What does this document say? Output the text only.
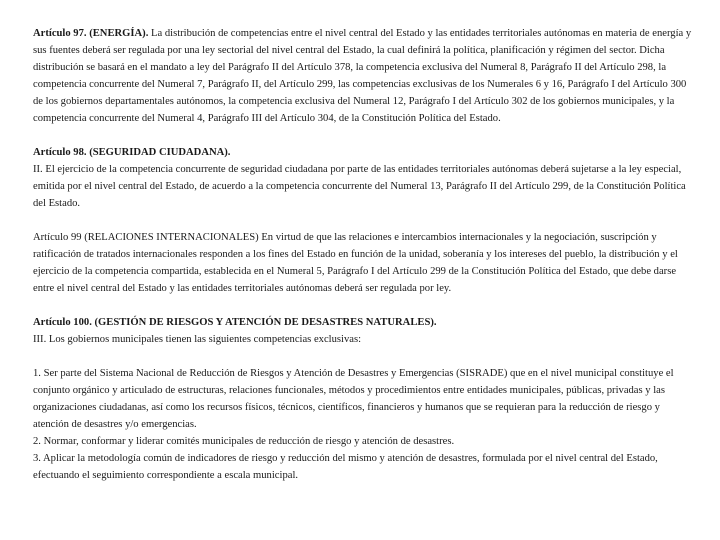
Artículo 97. (ENERGÍA). La distribución de competencias entre el nivel central del Estado y las entidades territoriales autónomas en materia de energía y sus fuentes deberá ser regulada por una ley sectorial del nivel central del Estado, la cual definirá la política, planificación y régimen del sector. Dicha distribución se basará en el mandato a ley del Parágrafo II del Artículo 378, la competencia exclusiva del Numeral 8, Parágrafo II del Artículo 298, la competencia concurrente del Numeral 7, Parágrafo II, del Artículo 299, las competencias exclusivas de los Numerales 6 y 16, Parágrafo I del Artículo 300 de los gobiernos departamentales autónomos, la competencia exclusiva del Numeral 12, Parágrafo I del Artículo 302 de los gobiernos municipales, y la competencia concurrente del Numeral 4, Parágrafo III del Artículo 304, de la Constitución Política del Estado.

Artículo 98. (SEGURIDAD CIUDADANA).

II. El ejercicio de la competencia concurrente de seguridad ciudadana por parte de las entidades territoriales autónomas deberá sujetarse a la ley especial, emitida por el nivel central del Estado, de acuerdo a la competencia concurrente del Numeral 13, Parágrafo II del Artículo 299, de la Constitución Política del Estado.

Artículo 99 (RELACIONES INTERNACIONALES) En virtud de que las relaciones e intercambios internacionales y la negociación, suscripción y ratificación de tratados internacionales responden a los fines del Estado en función de la unidad, soberanía y los intereses del pueblo, la distribución y el ejercicio de la competencia compartida, establecida en el Numeral 5, Parágrafo I del Artículo 299 de la Constitución Política del Estado, que debe darse entre el nivel central del Estado y las entidades territoriales autónomas deberá ser regulada por ley.

Artículo 100. (GESTIÓN DE RIESGOS Y ATENCIÓN DE DESASTRES NATURALES).

III. Los gobiernos municipales tienen las siguientes competencias exclusivas:

1. Ser parte del Sistema Nacional de Reducción de Riesgos y Atención de Desastres y Emergencias (SISRADE) que en el nivel municipal constituye el conjunto orgánico y articulado de estructuras, relaciones funcionales, métodos y procedimientos entre entidades municipales, públicas, privadas y las organizaciones ciudadanas, así como los recursos físicos, técnicos, científicos, financieros y humanos que se requieran para la reducción de riesgo y atención de desastres y/o emergencias.

2. Normar, conformar y liderar comités municipales de reducción de riesgo y atención de desastres.

3. Aplicar la metodología común de indicadores de riesgo y reducción del mismo y atención de desastres, formulada por el nivel central del Estado, efectuando el seguimiento correspondiente a escala municipal.
